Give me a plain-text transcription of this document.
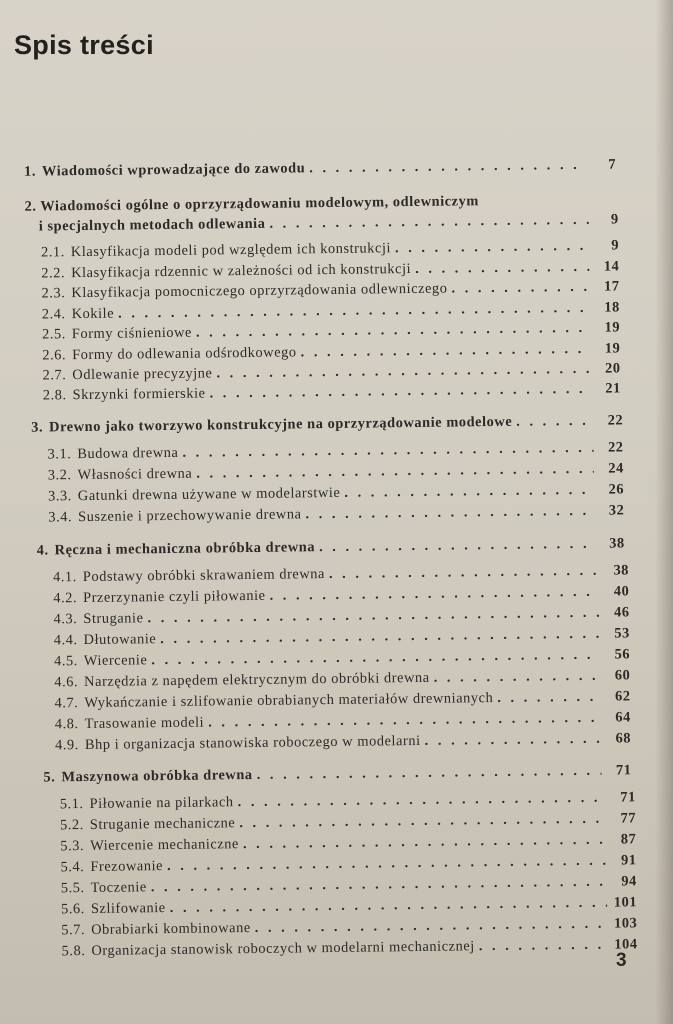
Spis treści
1. Wiadomości wprowadzające do zawodu . . .	7
2. Wiadomości ogólne o oprzyrządowaniu modelowym, odlewniczym
i specjalnych metodach odlewania . . .	9
2.1. Klasyfikacja modeli pod względem ich konstrukcji . . .	9
2.2. Klasyfikacja rdzennic w zależności od ich konstrukcji . . .	14
2.3. Klasyfikacja pomocniczego oprzyrządowania odlewniczego . . .	17
2.4. Kokile . . .	18
2.5. Formy ciśnieniowe . . .	19
2.6. Formy do odlewania odśrodkowego . . .	19
2.7. Odlewanie precyzyjne . . .	20
2.8. Skrzynki formierskie . . .	21
3. Drewno jako tworzywo konstrukcyjne na oprzyrządowanie modelowe . . .	22
3.1. Budowa drewna . . .	22
3.2. Własności drewna . . .	24
3.3. Gatunki drewna używane w modelarstwie . . .	26
3.4. Suszenie i przechowywanie drewna . . .	32
4. Ręczna i mechaniczna obróbka drewna . . .	38
4.1. Podstawy obróbki skrawaniem drewna . . .	38
4.2. Przerzynanie czyli piłowanie . . .	40
4.3. Struganie . . .	46
4.4. Dłutowanie . . .	53
4.5. Wiercenie . . .	56
4.6. Narzędzia z napędem elektrycznym do obróbki drewna . . .	60
4.7. Wykańczanie i szlifowanie obrabianych materiałów drewnianych . . .	62
4.8. Trasowanie modeli . . .	64
4.9. Bhp i organizacja stanowiska roboczego w modelarni . . .	68
5. Maszynowa obróbka drewna . . .	71
5.1. Piłowanie na pilarkach . . .	71
5.2. Struganie mechaniczne . . .	77
5.3. Wiercenie mechaniczne . . .	87
5.4. Frezowanie . . .	91
5.5. Toczenie . . .	94
5.6. Szlifowanie . . .	101
5.7. Obrabiarki kombinowane . . .	103
5.8. Organizacja stanowisk roboczych w modelarni mechanicznej . . .	104
3
